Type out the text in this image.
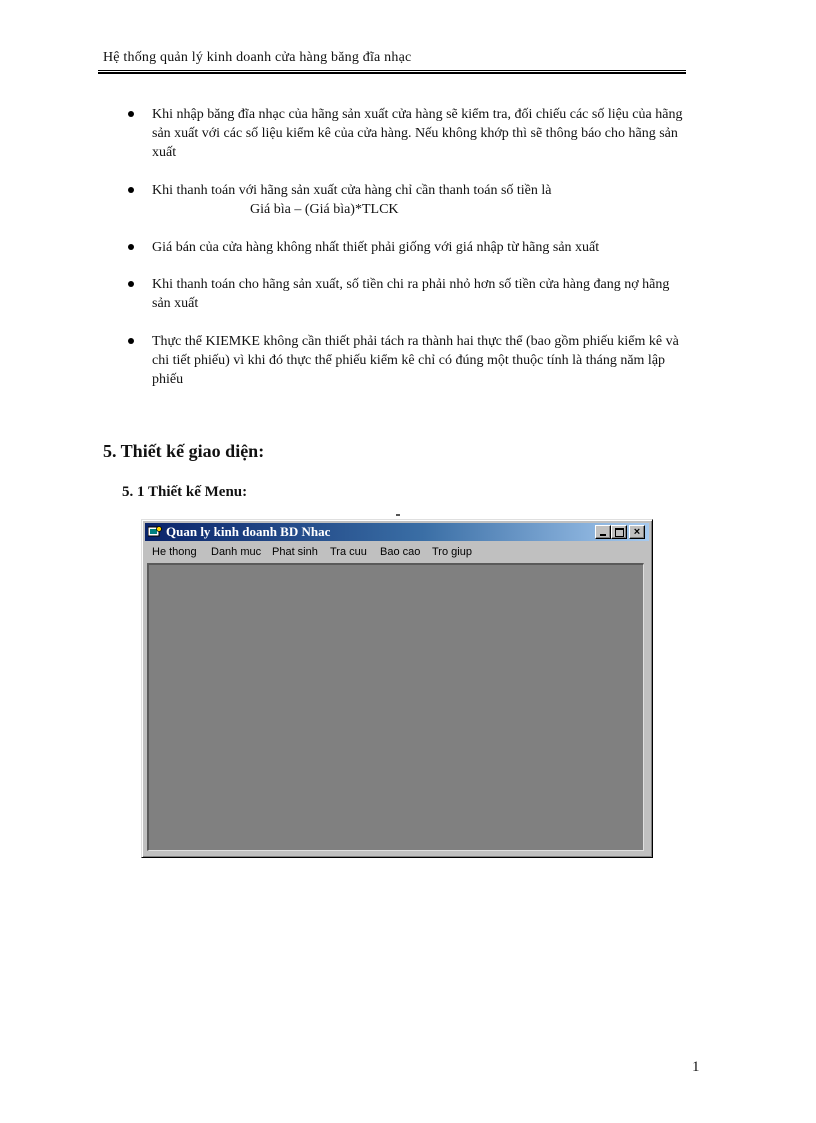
Hệ thống quản lý kinh doanh cửa hàng băng đĩa nhạc
Khi nhập băng đĩa nhạc của hãng sản xuất cửa hàng sẽ kiểm tra, đối chiếu các số liệu của hãng sản xuất với các số liệu kiểm kê của cửa hàng. Nếu không khớp thì sẽ thông báo cho hãng sản xuất
Khi thanh toán với hãng sản xuất cửa hàng chỉ cần thanh toán số tiền là
Giá bìa – (Giá bìa)*TLCK
Giá bán của cửa hàng không nhất thiết phải giống với giá nhập từ hãng sản xuất
Khi thanh toán cho hãng sản xuất, số tiền chi ra phải nhỏ hơn số tiền cửa hàng đang nợ hãng sản xuất
Thực thể KIEMKE không cần thiết phải tách ra thành hai thực thể (bao gồm phiếu kiểm kê và chi tiết phiếu) vì khi đó thực thể phiếu kiểm kê chỉ có đúng một thuộc tính là tháng năm lập phiếu
5. Thiết kế giao diện:
5. 1 Thiết kế Menu:
Quan ly kinh doanh BD Nhac	×
He thong Danh muc Phat sinh Tra cuu Bao cao Tro giup
1
